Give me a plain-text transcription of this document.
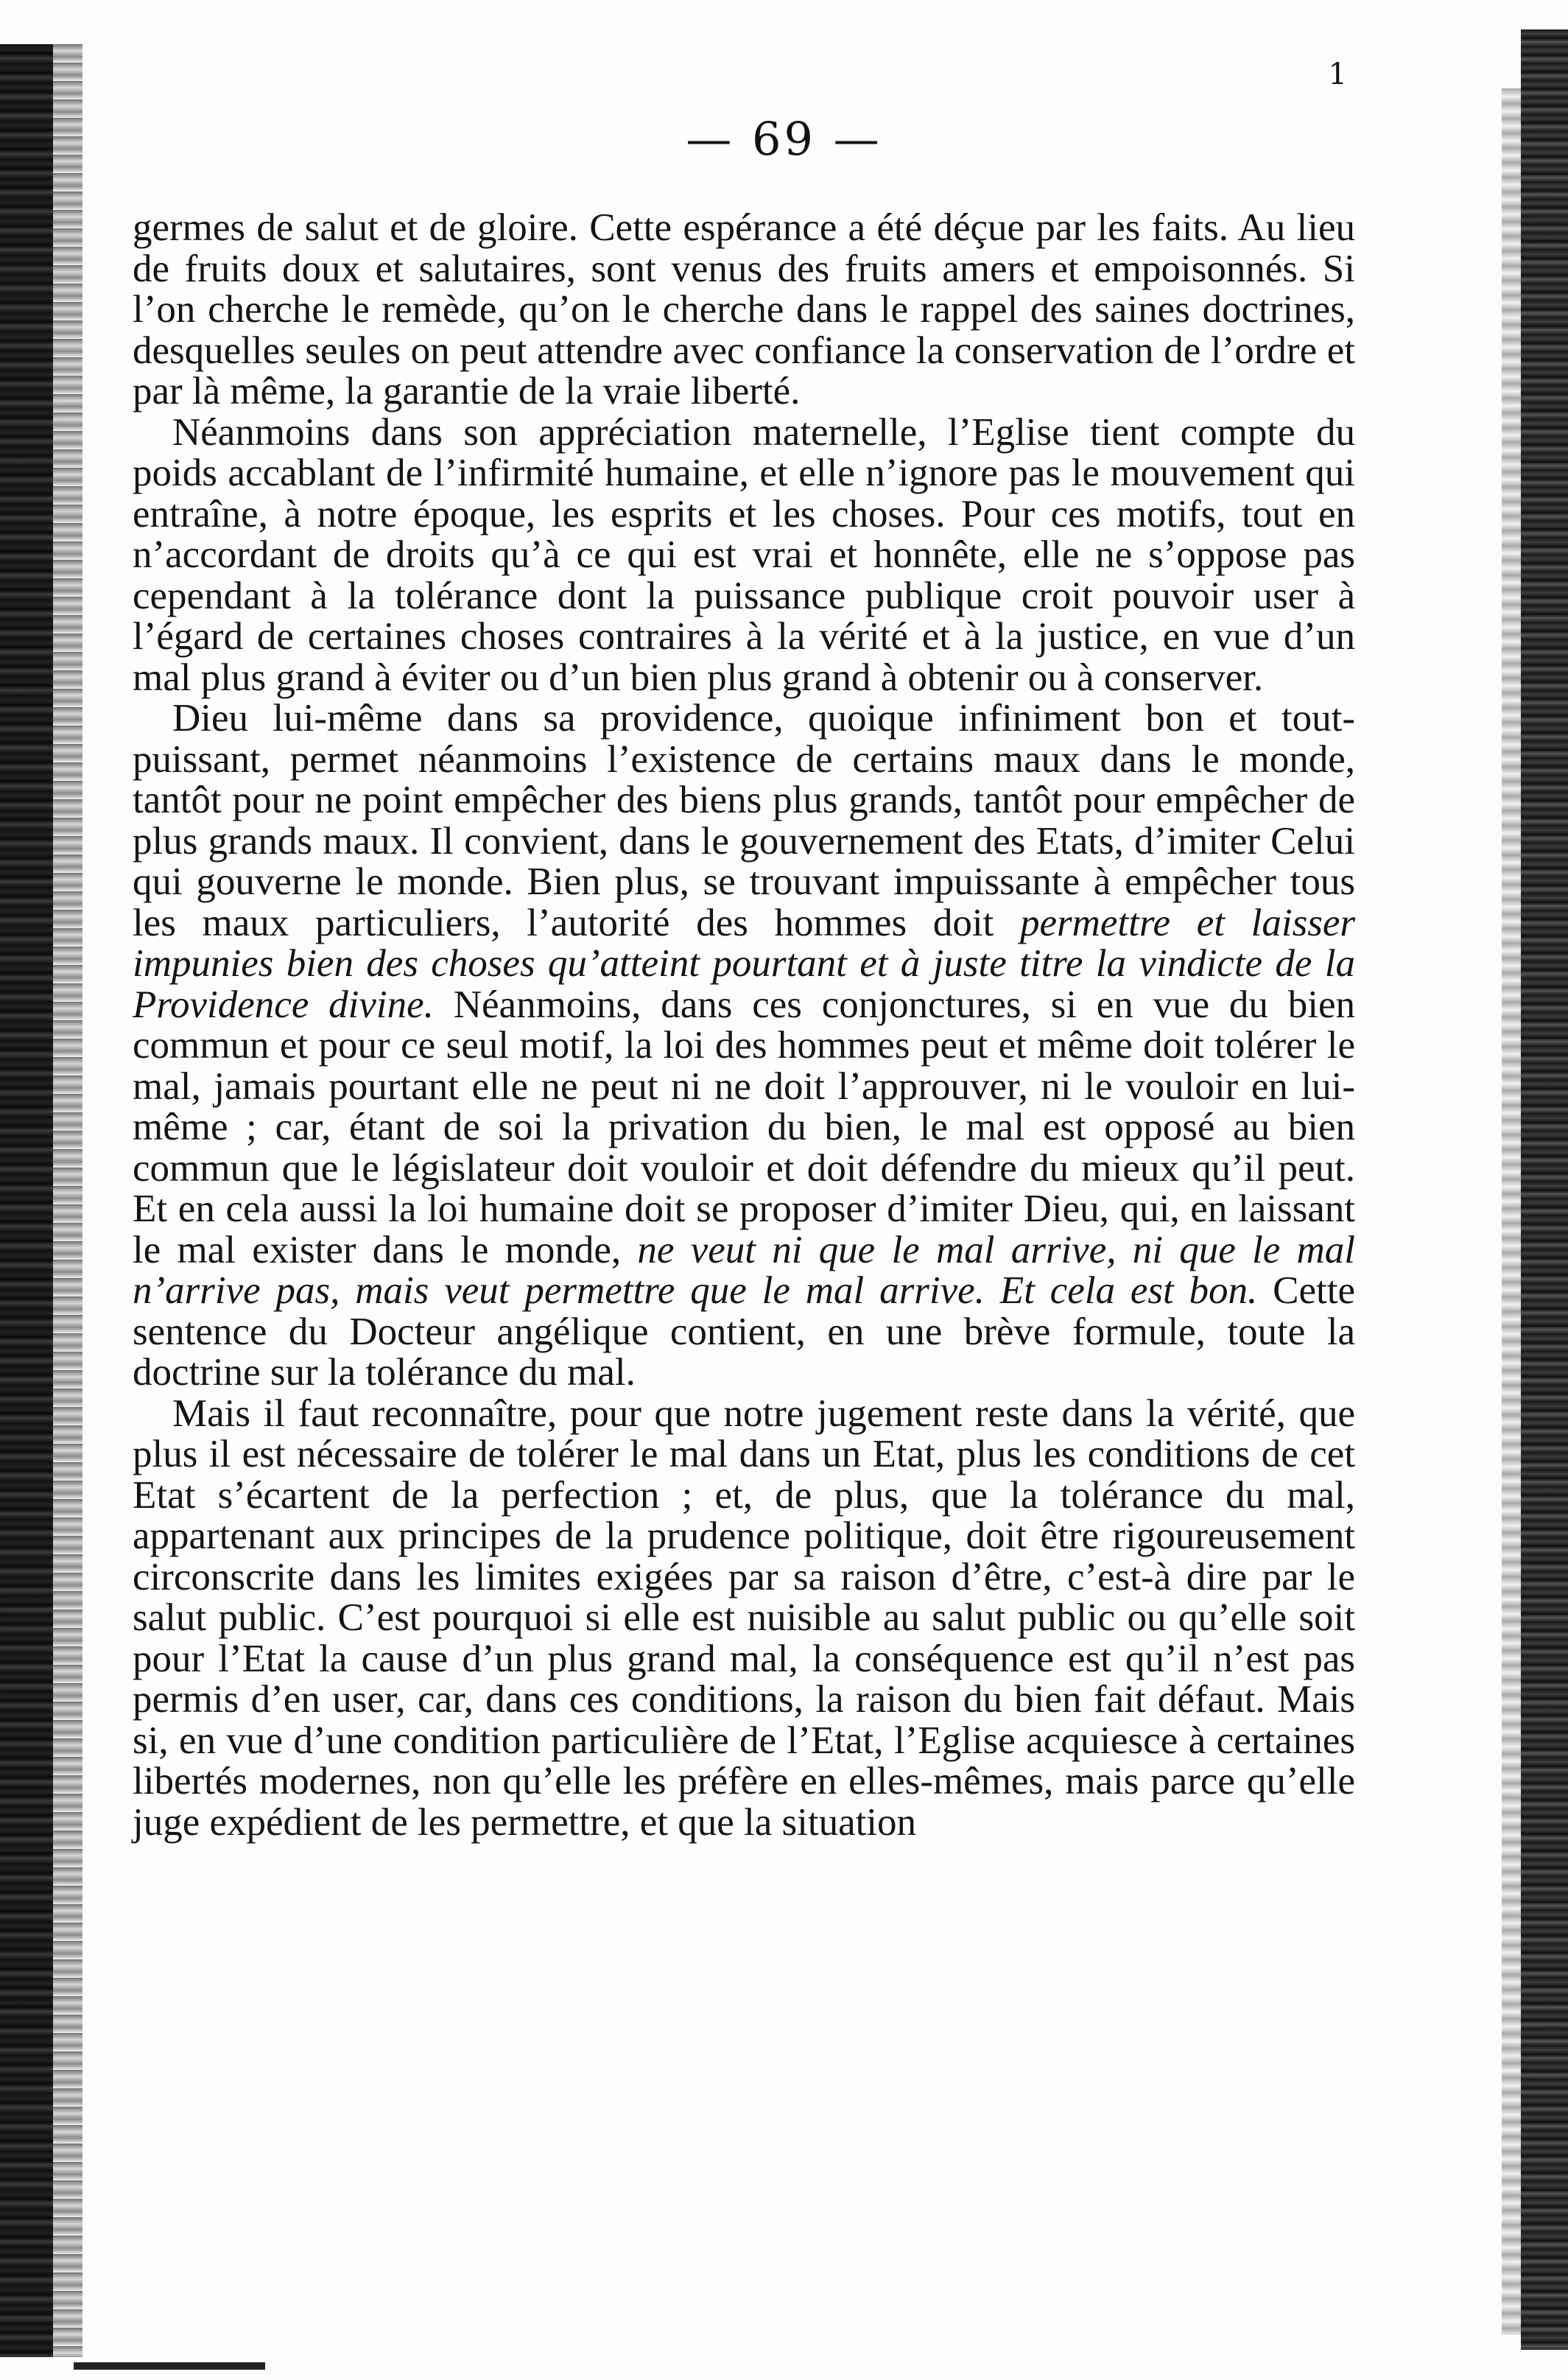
1
— 69 —

germes de salut et de gloire. Cette espérance a été déçue par les faits. Au lieu de fruits doux et salutaires, sont venus des fruits amers et empoisonnés. Si l’on cherche le remède, qu’on le cherche dans le rappel des saines doctrines, desquelles seules on peut attendre avec confiance la conservation de l’ordre et par là même, la garantie de la vraie liberté.

Néanmoins dans son appréciation maternelle, l’Eglise tient compte du poids accablant de l’infirmité humaine, et elle n’ignore pas le mouvement qui entraîne, à notre époque, les esprits et les choses. Pour ces motifs, tout en n’accordant de droits qu’à ce qui est vrai et honnête, elle ne s’oppose pas cependant à la tolérance dont la puissance publique croit pouvoir user à l’égard de certaines choses contraires à la vérité et à la justice, en vue d’un mal plus grand à éviter ou d’un bien plus grand à obtenir ou à conserver.

Dieu lui-même dans sa providence, quoique infiniment bon et tout-puissant, permet néanmoins l’existence de certains maux dans le monde, tantôt pour ne point empêcher des biens plus grands, tantôt pour empêcher de plus grands maux. Il convient, dans le gouvernement des Etats, d’imiter Celui qui gouverne le monde. Bien plus, se trouvant impuissante à empêcher tous les maux particuliers, l’autorité des hommes doit permettre et laisser impunies bien des choses qu’atteint pourtant et à juste titre la vindicte de la Providence divine. Néanmoins, dans ces conjonctures, si en vue du bien commun et pour ce seul motif, la loi des hommes peut et même doit tolérer le mal, jamais pourtant elle ne peut ni ne doit l’approuver, ni le vouloir en lui-même ; car, étant de soi la privation du bien, le mal est opposé au bien commun que le législateur doit vouloir et doit défendre du mieux qu’il peut. Et en cela aussi la loi humaine doit se proposer d’imiter Dieu, qui, en laissant le mal exister dans le monde, ne veut ni que le mal arrive, ni que le mal n’arrive pas, mais veut permettre que le mal arrive. Et cela est bon. Cette sentence du Docteur angélique contient, en une brève formule, toute la doctrine sur la tolérance du mal.

Mais il faut reconnaître, pour que notre jugement reste dans la vérité, que plus il est nécessaire de tolérer le mal dans un Etat, plus les conditions de cet Etat s’écartent de la perfection ; et, de plus, que la tolérance du mal, appartenant aux principes de la prudence politique, doit être rigoureusement circonscrite dans les limites exigées par sa raison d’être, c’est-à dire par le salut public. C’est pourquoi si elle est nuisible au salut public ou qu’elle soit pour l’Etat la cause d’un plus grand mal, la conséquence est qu’il n’est pas permis d’en user, car, dans ces conditions, la raison du bien fait défaut. Mais si, en vue d’une condition particulière de l’Etat, l’Eglise acquiesce à certaines libertés modernes, non qu’elle les préfère en elles-mêmes, mais parce qu’elle juge expédient de les permettre, et que la situation
